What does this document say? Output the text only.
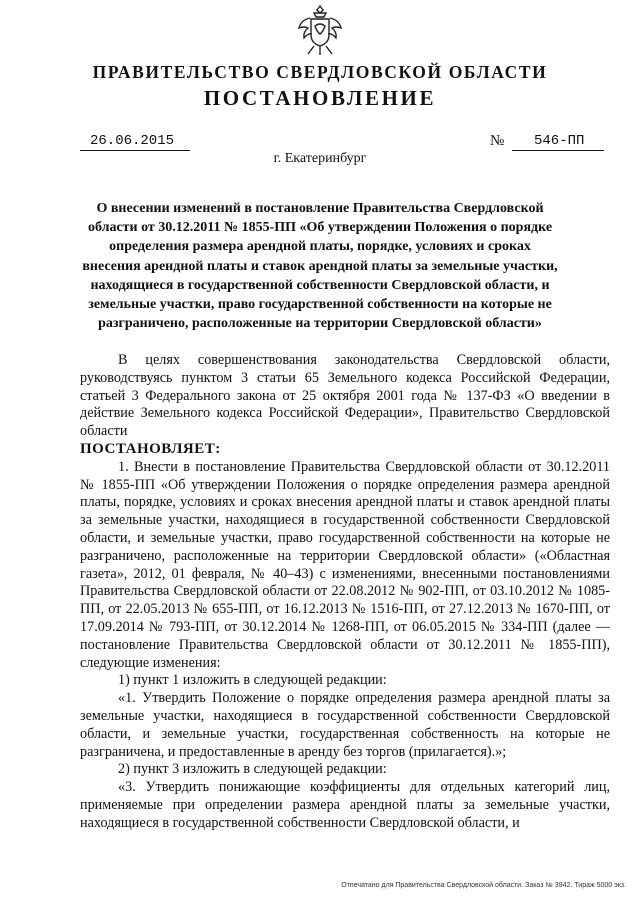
ПРАВИТЕЛЬСТВО СВЕРДЛОВСКОЙ ОБЛАСТИ
ПОСТАНОВЛЕНИЕ
26.06.2015	№	546-ПП
г. Екатеринбург

О внесении изменений в постановление Правительства Свердловской области от 30.12.2011 № 1855-ПП «Об утверждении Положения о порядке определения размера арендной платы, порядке, условиях и сроках внесения арендной платы и ставок арендной платы за земельные участки, находящиеся в государственной собственности Свердловской области, и земельные участки, право государственной собственности на которые не разграничено, расположенные на территории Свердловской области»

В целях совершенствования законодательства Свердловской области, руководствуясь пунктом 3 статьи 65 Земельного кодекса Российской Федерации, статьей 3 Федерального закона от 25 октября 2001 года № 137-ФЗ «О введении в действие Земельного кодекса Российской Федерации», Правительство Свердловской области

ПОСТАНОВЛЯЕТ:

1. Внести в постановление Правительства Свердловской области от 30.12.2011 № 1855-ПП «Об утверждении Положения о порядке определения размера арендной платы, порядке, условиях и сроках внесения арендной платы и ставок арендной платы за земельные участки, находящиеся в государственной собственности Свердловской области, и земельные участки, право государственной собственности на которые не разграничено, расположенные на территории Свердловской области» («Областная газета», 2012, 01 февраля, № 40–43) с изменениями, внесенными постановлениями Правительства Свердловской области от 22.08.2012 № 902-ПП, от 03.10.2012 № 1085-ПП, от 22.05.2013 № 655-ПП, от 16.12.2013 № 1516-ПП, от 27.12.2013 № 1670-ПП, от 17.09.2014 № 793-ПП, от 30.12.2014 № 1268-ПП, от 06.05.2015 № 334-ПП (далее — постановление Правительства Свердловской области от 30.12.2011 № 1855-ПП), следующие изменения:

1) пункт 1 изложить в следующей редакции:

«1. Утвердить Положение о порядке определения размера арендной платы за земельные участки, находящиеся в государственной собственности Свердловской области, и земельные участки, государственная собственность на которые не разграничена, и предоставленные в аренду без торгов (прилагается).»;

2) пункт 3 изложить в следующей редакции:

«3. Утвердить понижающие коэффициенты для отдельных категорий лиц, применяемые при определении размера арендной платы за земельные участки, находящиеся в государственной собственности Свердловской области, и

Отпечатано для Правительства Свердловской области. Заказ № 3942. Тираж 5000 экз.
